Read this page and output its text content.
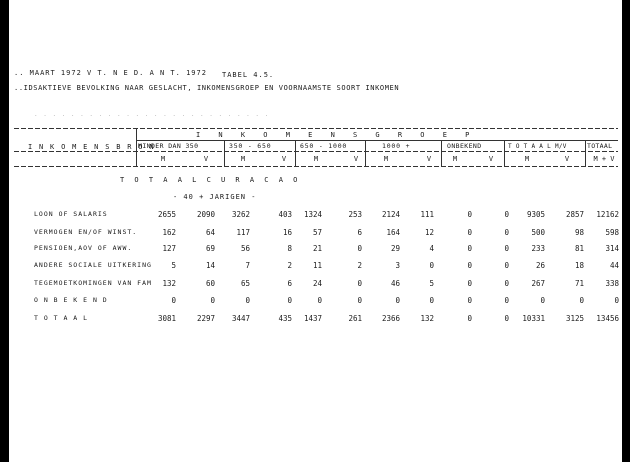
.. MAART 1972 V T. N E D. A N T. 1972 TABEL 4.5.
..IDSAKTIEVE BEVOLKING NAAR GESLACHT, INKOMENSGROEP EN VOORNAAMSTE SOORT INKOMEN
. . . . . . . . . . . . . . . . . . . . . . . . . .
I N K O M E N S B R O N
I N K O M E N S G R O E P
MINDER DAN 350	350 - 650	650 - 1000	1000 +	ONBEKEND	T O T A A L M/V	TOTAAL
M	V	M	V	M	V	M	V	M	V	M	V	M + V
T O T A A L C U R A C A O
- 40 + JARIGEN -
LOON OF SALARIS	2655	2090	3262	403	1324	253	2124	111	0	0	9305	2857	12162
VERMOGEN EN/OF WINST.	162	64	117	16	57	6	164	12	0	0	500	98	598
PENSIOEN,AOV OF AWW.	127	69	56	8	21	0	29	4	0	0	233	81	314
ANDERE SOCIALE UITKERING	5	14	7	2	11	2	3	0	0	0	26	18	44
TEGEMOETKOMINGEN VAN FAM	132	60	65	6	24	0	46	5	0	0	267	71	338
O N B E K E N D	0	0	0	0	0	0	0	0	0	0	0	0	0
T O T A A L	3081	2297	3447	435	1437	261	2366	132	0	0	10331	3125	13456
